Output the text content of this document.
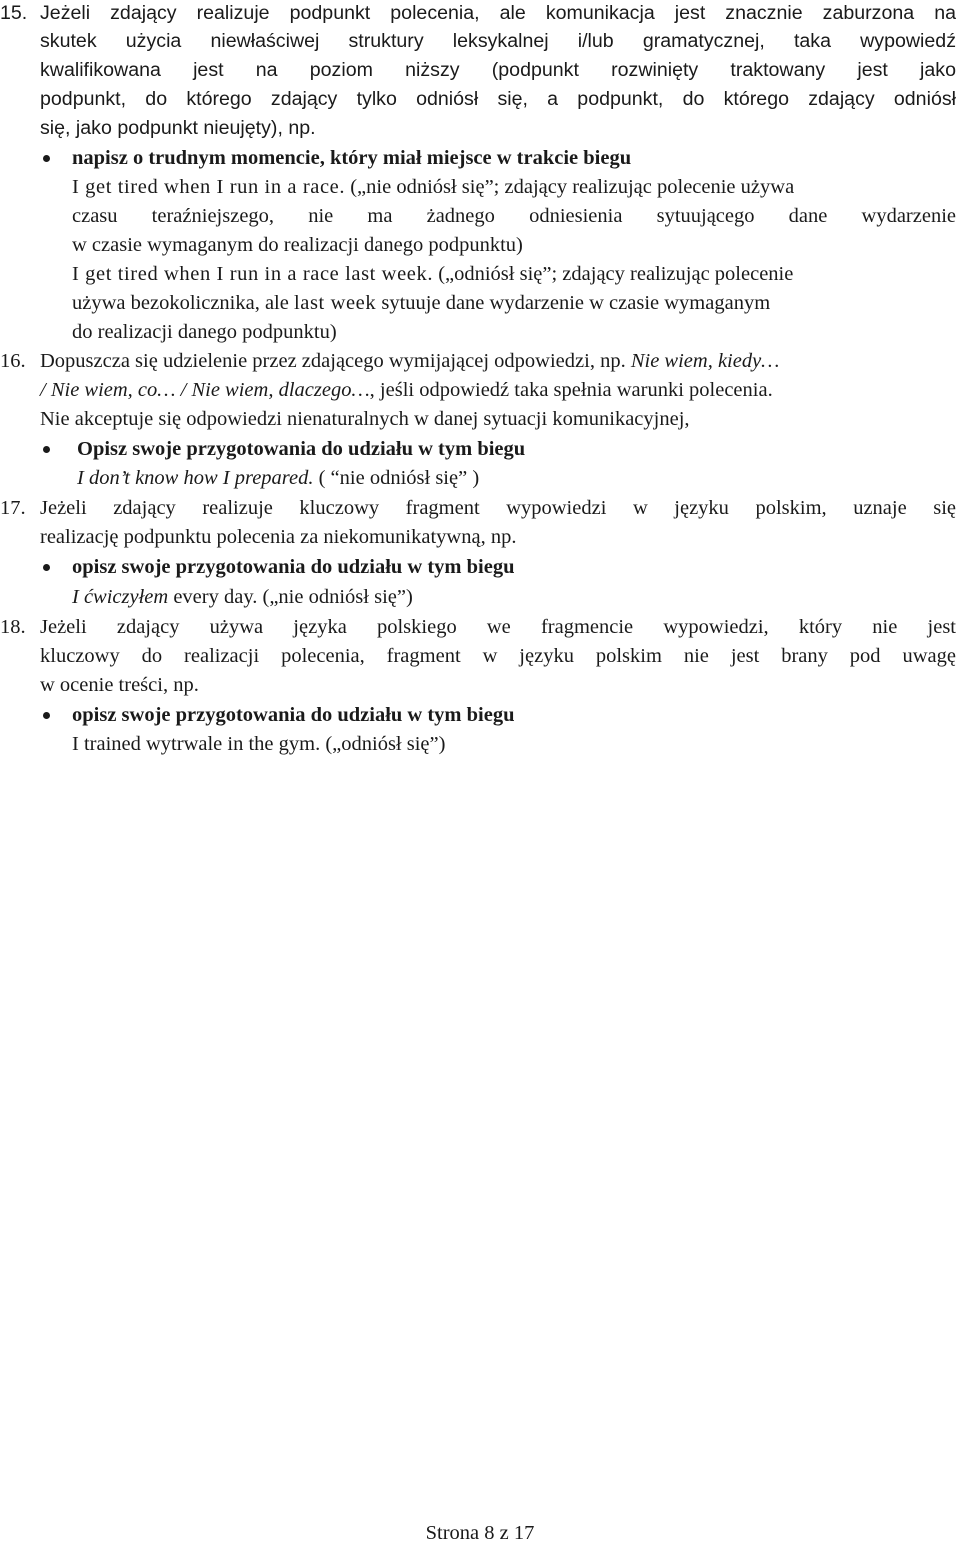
15. Jeżeli zdający realizuje podpunkt polecenia, ale komunikacja jest znacznie zaburzona na
skutek użycia niewłaściwej struktury leksykalnej i/lub gramatycznej, taka wypowiedź
kwalifikowana jest na poziom niższy (podpunkt rozwinięty traktowany jest jako
podpunkt, do którego zdający tylko odniósł się, a podpunkt, do którego zdający odniósł
się, jako podpunkt nieujęty), np.
napisz o trudnym momencie, który miał miejsce w trakcie biegu
I get tired when I run in a race. („nie odniósł się”; zdający realizując polecenie używa
czasu teraźniejszego, nie ma żadnego odniesienia sytuującego dane wydarzenie
w czasie wymaganym do realizacji danego podpunktu)
I get tired when I run in a race last week. („odniósł się”; zdający realizując polecenie
używa bezokolicznika, ale last week sytuuje dane wydarzenie w czasie wymaganym
do realizacji danego podpunktu)
16. Dopuszcza się udzielenie przez zdającego wymijającej odpowiedzi, np. Nie wiem, kiedy…
/ Nie wiem, co… / Nie wiem, dlaczego…, jeśli odpowiedź taka spełnia warunki polecenia.
Nie akceptuje się odpowiedzi nienaturalnych w danej sytuacji komunikacyjnej,
Opisz swoje przygotowania do udziału w tym biegu
I don’t know how I prepared. ( “nie odniósł się” )
17. Jeżeli zdający realizuje kluczowy fragment wypowiedzi w języku polskim, uznaje się
realizację podpunktu polecenia za niekomunikatywną, np.
opisz swoje przygotowania do udziału w tym biegu
I ćwiczyłem every day. („nie odniósł się”)
18. Jeżeli zdający używa języka polskiego we fragmencie wypowiedzi, który nie jest
kluczowy do realizacji polecenia, fragment w języku polskim nie jest brany pod uwagę
w ocenie treści, np.
opisz swoje przygotowania do udziału w tym biegu
I trained wytrwale in the gym. („odniósł się”)
Strona 8 z 17
